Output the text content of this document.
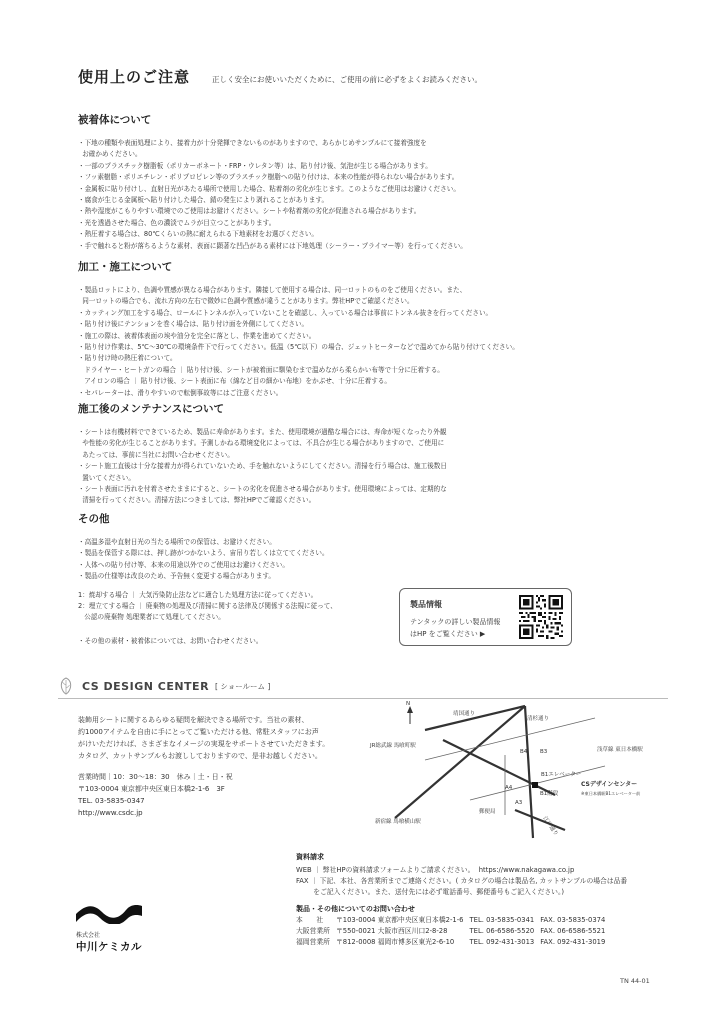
使用上のご注意	正しく安全にお使いいただくために、ご使用の前に必ずをよくお読みください。
被着体について
・下地の種類や表面処理により、接着力が十分発揮できないものがありますので、あらかじめサンプルにて接着強度を
お確かめください。
・一部のプラスチック樹脂板（ポリカーボネート・FRP・ウレタン等）は、貼り付け後、気泡が生じる場合があります。
・フッ素樹脂・ポリエチレン・ポリプロピレン等のプラスチック樹脂への貼り付けは、本来の性能が得られない場合があります。
・金属板に貼り付けし、直射日光があたる場所で使用した場合、粘着剤の劣化が生じます。このようなご使用はお避けください。
・腐食が生じる金属板へ貼り付けした場合、錆の発生により剥れることがあります。
・熱や湿度がこもりやすい環境でのご使用はお避けください。シートや粘着剤の劣化が促進される場合があります。
・光を透過させた場合、色の濃淡でムラが目立つことがあります。
・熱圧着する場合は、80℃くらいの熱に耐えられる下地素材をお選びください。
・手で触れると粉が落ちるような素材、表面に顕著な凹凸がある素材には下地処理（シーラー・プライマー等）を行ってください。
加工・施工について
・製品ロットにより、色調や質感が異なる場合があります。隣接して使用する場合は、同一ロットのものをご使用ください。また、
同一ロットの場合でも、流れ方向の左右で微妙に色調や質感が違うことがあります。弊社HPでご確認ください。
・カッティング加工をする場合、ロールにトンネルが入っていないことを確認し、入っている場合は事前にトンネル抜きを行ってください。
・貼り付け後にテンションを巻く場合は、貼り付け面を外側にしてください。
・施工の際は、被着体表面の埃や油分を完全に落とし、作業を進めてください。
・貼り付け作業は、5℃～30℃の環境条件下で行ってください。低温（5℃以下）の場合、ジェットヒーターなどで温めてから貼り付けてください。
・貼り付け時の熱圧着について。
ドライヤー・ヒートガンの場合 ｜ 貼り付け後、シートが被着面に馴染むまで温めながら柔らかい布等で十分に圧着する。
アイロンの場合 ｜ 貼り付け後、シート表面に布（綿など目の細かい布地）をかぶせ、十分に圧着する。
・セパレーターは、滑りやすいので転倒事故等にはご注意ください。
施工後のメンテナンスについて
・シートは有機材料でできているため、製品に寿命があります。また、使用環境が過酷な場合には、寿命が短くなったり外観
や性能の劣化が生じることがあります。予測しかねる環境変化によっては、不具合が生じる場合がありますので、ご使用に
あたっては、事前に当社にお問い合わせください。
・シート施工直後は十分な接着力が得られていないため、手を触れないようにしてください。清掃を行う場合は、施工後数日
置いてください。
・シート表面に汚れを付着させたままにすると、シートの劣化を促進させる場合があります。使用環境によっては、定期的な
清掃を行ってください。清掃方法につきましては、弊社HPでご確認ください。
その他
・高温多湿や直射日光の当たる場所での保管は、お避けください。
・製品を保管する際には、押し跡がつかないよう、宙吊り若しくは立ててください。
・人体への貼り付け等、本来の用途以外でのご使用はお避けください。
・製品の仕様等は改良のため、予告無く変更する場合があります。
1：焼却する場合 ｜ 大気汚染防止法などに適合した処理方法に従ってください。
2：埋立てする場合 ｜ 廃棄物の処理及び清掃に関する法律及び関係する法規に従って、
公認の廃棄物 処理業者にて処理してください。
・その他の素材・被着体については、お問い合わせください。
製品情報
テンタックの詳しい製品情報
はHP をご覧ください ▶
CS DESIGN CENTER [ ショールーム ]
装飾用シートに関するあらゆる疑問を解決できる場所です。当社の素材、
約1000アイテムを自由に手にとってご覧いただける他、常駐スタッフにお声
がけいただければ、さまざまなイメージの実現をサポートさせていただきます。
カタログ、カットサンプルもお渡ししておりますので、是非お越しください。
営業時間｜10：30～18：30　休み｜土・日・祝
〒103-0004 東京都中央区東日本橋2-1-6　3F
TEL. 03-5835-0347
http://www.csdc.jp
N
靖国通り
清杉通り
JR総武線 馬喰町駅
浅草線 東日本橋駅
B4 B3
B1エレベーター
B1階段
A4
A3
郵便局
CSデザインセンター
※東日本橋駅B1エレベーター前
新宿線 馬喰横山駅	江戸通り
資料請求
WEB ｜ 弊社HPの資料請求フォームよりご請求ください。  https://www.nakagawa.co.jp
FAX ｜ 下記、本社、各営業所までご連絡ください。( カタログの場合は製品名, カットサンプルの場合は品番
をご記入ください。また、送付先には必ず電話番号、郵便番号もご記入ください。)
製品・その他についてのお問い合わせ
本　　社	〒103-0004 東京都中央区東日本橋2-1-6	TEL. 03-5835-0341	FAX. 03-5835-0374
大阪営業所	〒550-0021 大阪市西区川口2-8-28	TEL. 06-6586-5520	FAX. 06-6586-5521
福岡営業所	〒812-0008 福岡市博多区東光2-6-10	TEL. 092-431-3013	FAX. 092-431-3019
株式会社
中川ケミカル
TN 44-01
